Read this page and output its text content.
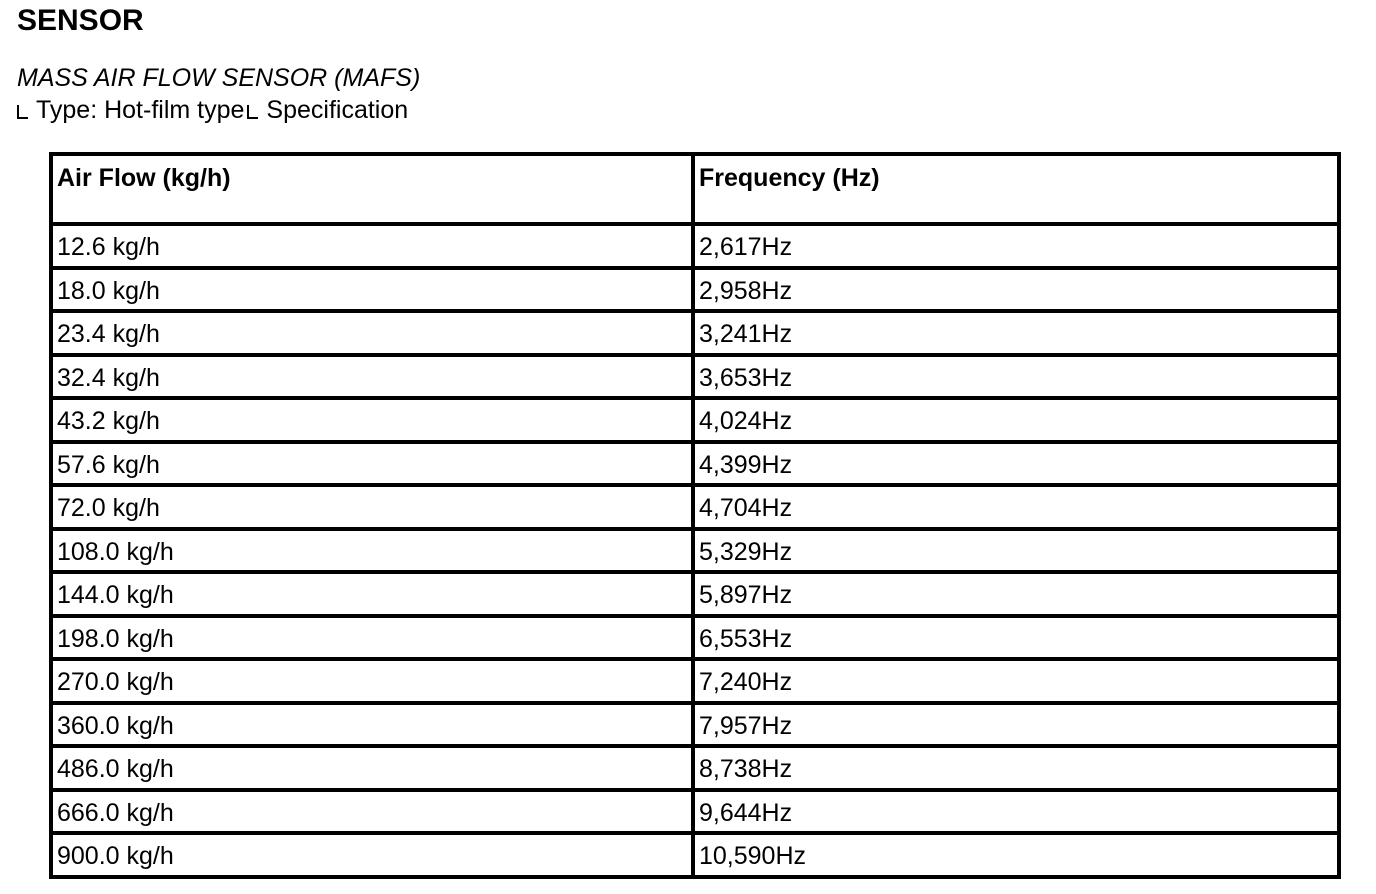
SENSOR
MASS AIR FLOW SENSOR (MAFS)
Type: Hot-film type Specification
Air Flow (kg/h)	Frequency (Hz)
12.6 kg/h	2,617Hz
18.0 kg/h	2,958Hz
23.4 kg/h	3,241Hz
32.4 kg/h	3,653Hz
43.2 kg/h	4,024Hz
57.6 kg/h	4,399Hz
72.0 kg/h	4,704Hz
108.0 kg/h	5,329Hz
144.0 kg/h	5,897Hz
198.0 kg/h	6,553Hz
270.0 kg/h	7,240Hz
360.0 kg/h	7,957Hz
486.0 kg/h	8,738Hz
666.0 kg/h	9,644Hz
900.0 kg/h	10,590Hz
